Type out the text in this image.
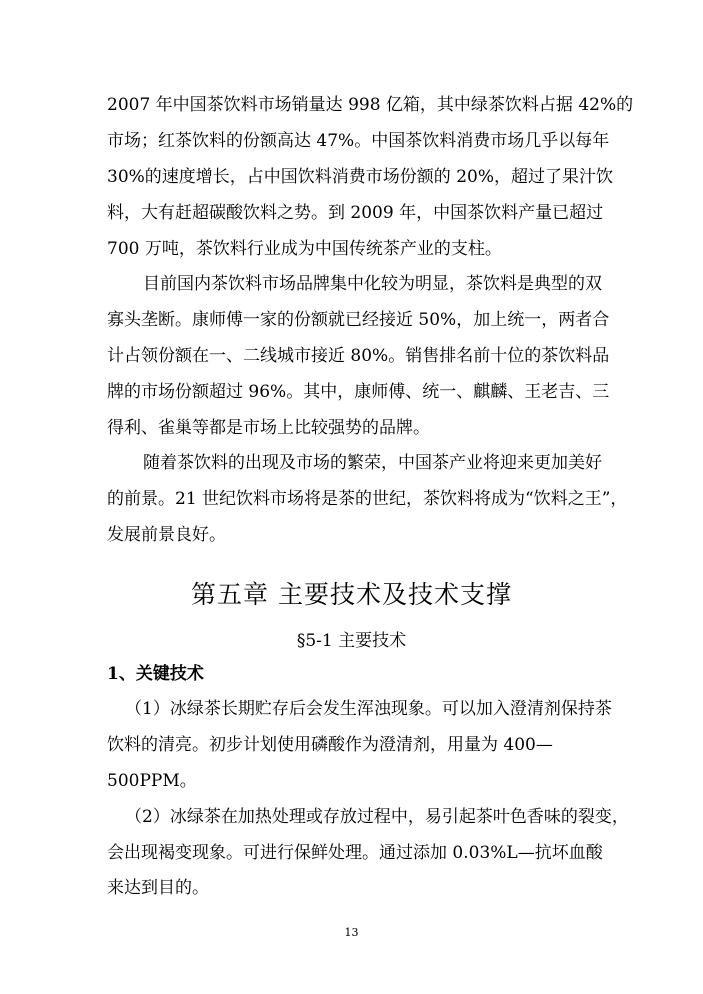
2007 年中国茶饮料市场销量达 998 亿箱，其中绿茶饮料占据 42%的

市场；红茶饮料的份额高达 47%。中国茶饮料消费市场几乎以每年

30%的速度增长，占中国饮料消费市场份额的 20%，超过了果汁饮

料，大有赶超碳酸饮料之势。到 2009 年，中国茶饮料产量已超过

700 万吨，茶饮料行业成为中国传统茶产业的支柱。

目前国内茶饮料市场品牌集中化较为明显，茶饮料是典型的双

寡头垄断。康师傅一家的份额就已经接近 50%，加上统一，两者合

计占领份额在一、二线城市接近 80%。销售排名前十位的茶饮料品

牌的市场份额超过 96%。其中，康师傅、统一、麒麟、王老吉、三

得利、雀巢等都是市场上比较强势的品牌。

随着茶饮料的出现及市场的繁荣，中国茶产业将迎来更加美好

的前景。21 世纪饮料市场将是茶的世纪，茶饮料将成为“饮料之王”，

发展前景良好。

第五章 主要技术及技术支撑
§5-1 主要技术

1、关键技术

（1）冰绿茶长期贮存后会发生浑浊现象。可以加入澄清剂保持茶

饮料的清亮。初步计划使用磷酸作为澄清剂，用量为 400—

500PPM。

（2）冰绿茶在加热处理或存放过程中，易引起茶叶色香味的裂变，

会出现褐变现象。可进行保鲜处理。通过添加 0.03%L—抗坏血酸

来达到目的。

13
